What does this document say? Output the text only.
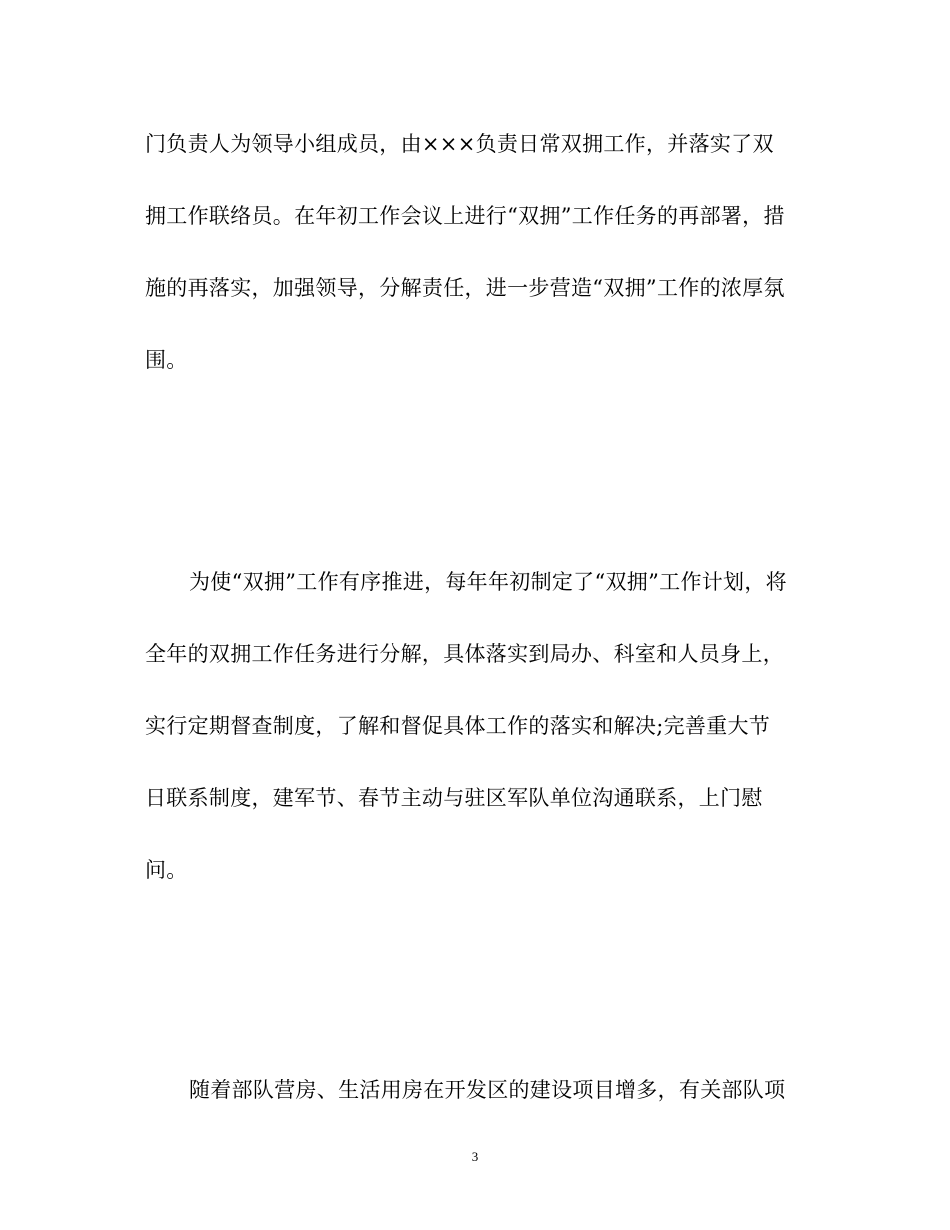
门负责人为领导小组成员，由×××负责日常双拥工作，并落实了双
拥工作联络员。在年初工作会议上进行“双拥”工作任务的再部署，措
施的再落实，加强领导，分解责任，进一步营造“双拥”工作的浓厚氛
围。
为使“双拥”工作有序推进，每年年初制定了“双拥”工作计划，将
全年的双拥工作任务进行分解，具体落实到局办、科室和人员身上，
实行定期督查制度，了解和督促具体工作的落实和解决;完善重大节
日联系制度，建军节、春节主动与驻区军队单位沟通联系，上门慰
问。
随着部队营房、生活用房在开发区的建设项目增多，有关部队项
3
